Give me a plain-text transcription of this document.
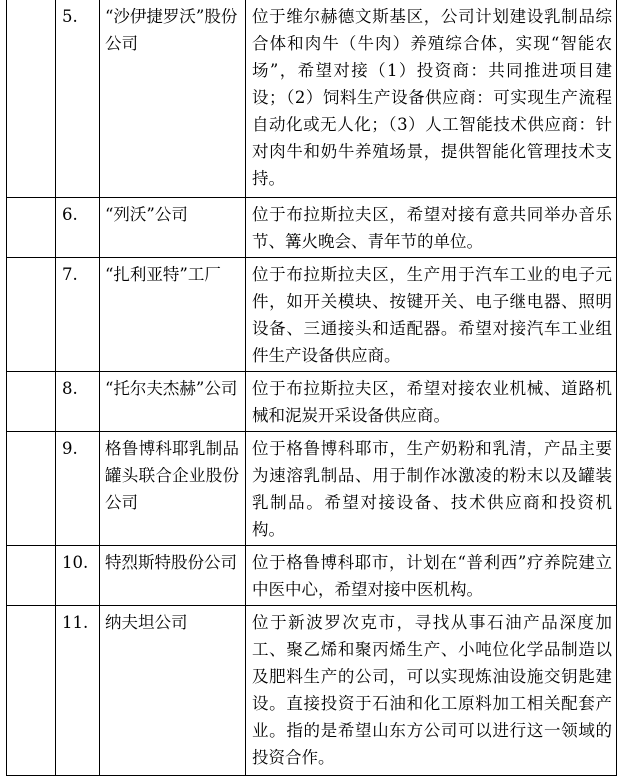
	5.	“沙伊捷罗沃”股份公司	位于维尔赫德文斯基区，公司计划建设乳制品综合体和肉牛（牛肉）养殖综合体，实现“智能农场”，希望对接（1）投资商：共同推进项目建设；（2）饲料生产设备供应商：可实现生产流程自动化或无人化；（3）人工智能技术供应商：针对肉牛和奶牛养殖场景，提供智能化管理技术支持。
	6.	“列沃”公司	位于布拉斯拉夫区，希望对接有意共同举办音乐节、篝火晚会、青年节的单位。
	7.	“扎利亚特”工厂	位于布拉斯拉夫区，生产用于汽车工业的电子元件，如开关模块、按键开关、电子继电器、照明设备、三通接头和适配器。希望对接汽车工业组件生产设备供应商。
	8.	“托尔夫杰赫”公司	位于布拉斯拉夫区，希望对接农业机械、道路机械和泥炭开采设备供应商。
	9.	格鲁博科耶乳制品罐头联合企业股份公司	位于格鲁博科耶市，生产奶粉和乳清，产品主要为速溶乳制品、用于制作冰激凌的粉末以及罐装乳制品。希望对接设备、技术供应商和投资机构。
	10.	特烈斯特股份公司	位于格鲁博科耶市，计划在“普利西”疗养院建立中医中心，希望对接中医机构。
	11.	纳夫坦公司	位于新波罗次克市，寻找从事石油产品深度加工、聚乙烯和聚丙烯生产、小吨位化学品制造以及肥料生产的公司，可以实现炼油设施交钥匙建设。直接投资于石油和化工原料加工相关配套产业。指的是希望山东方公司可以进行这一领域的投资合作。
